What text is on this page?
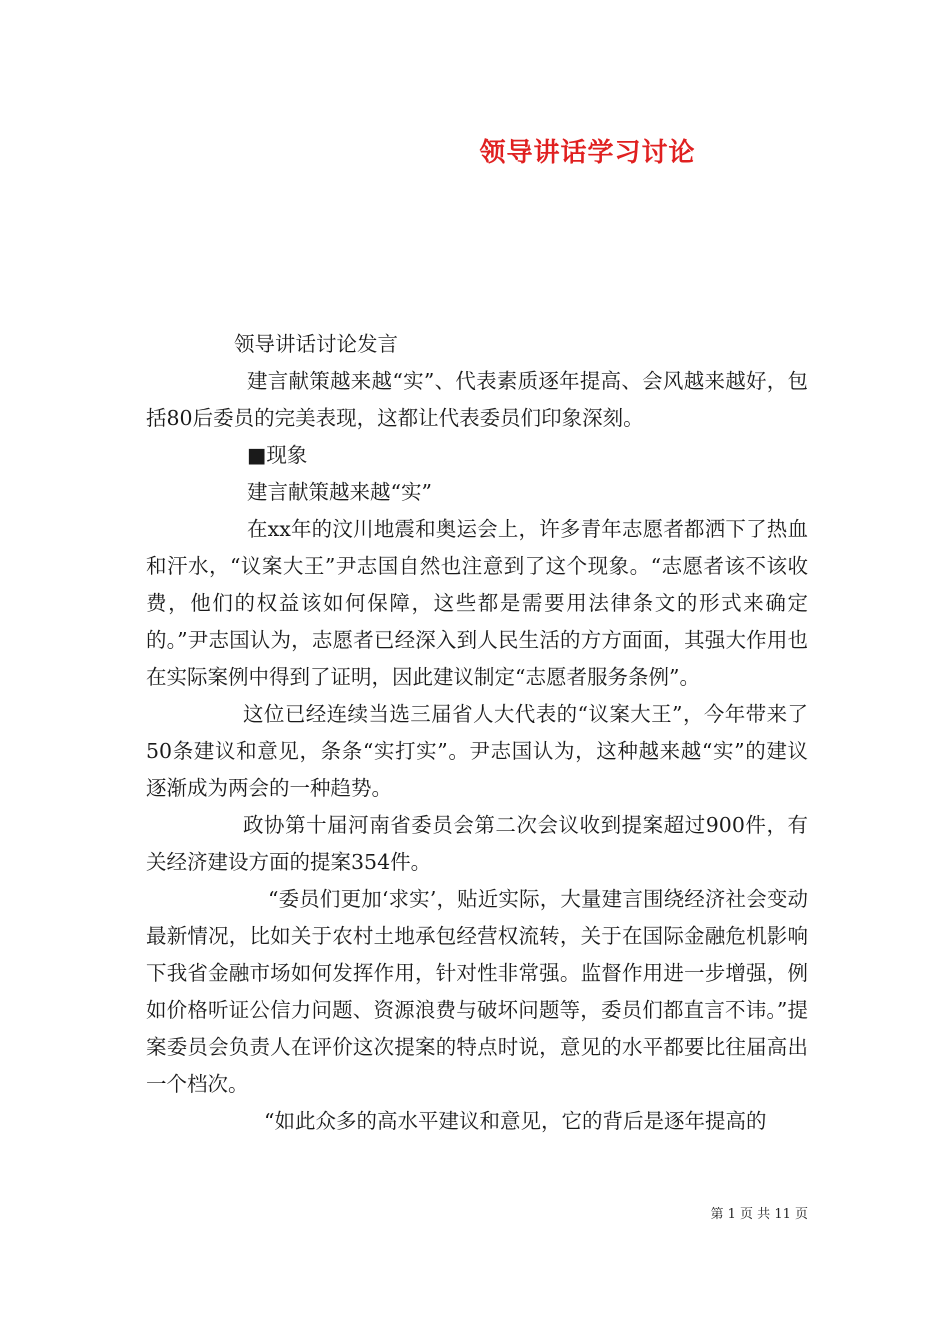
领导讲话学习讨论

领导讲话讨论发言

建言献策越来越“实”、代表素质逐年提高、会风越来越好，包括80后委员的完美表现，这都让代表委员们印象深刻。

■现象

建言献策越来越“实”

在xx年的汶川地震和奥运会上，许多青年志愿者都洒下了热血和汗水，“议案大王”尹志国自然也注意到了这个现象。“志愿者该不该收费，他们的权益该如何保障，这些都是需要用法律条文的形式来确定的。”尹志国认为，志愿者已经深入到人民生活的方方面面，其强大作用也在实际案例中得到了证明，因此建议制定“志愿者服务条例”。

这位已经连续当选三届省人大代表的“议案大王”，今年带来了50条建议和意见，条条“实打实”。尹志国认为，这种越来越“实”的建议逐渐成为两会的一种趋势。

政协第十届河南省委员会第二次会议收到提案超过900件，有关经济建设方面的提案354件。

“委员们更加‘求实’，贴近实际，大量建言围绕经济社会变动最新情况，比如关于农村土地承包经营权流转，关于在国际金融危机影响下我省金融市场如何发挥作用，针对性非常强。监督作用进一步增强，例如价格听证公信力问题、资源浪费与破坏问题等，委员们都直言不讳。”提案委员会负责人在评价这次提案的特点时说，意见的水平都要比往届高出一个档次。

“如此众多的高水平建议和意见，它的背后是逐年提高的

第 1 页 共 11 页
